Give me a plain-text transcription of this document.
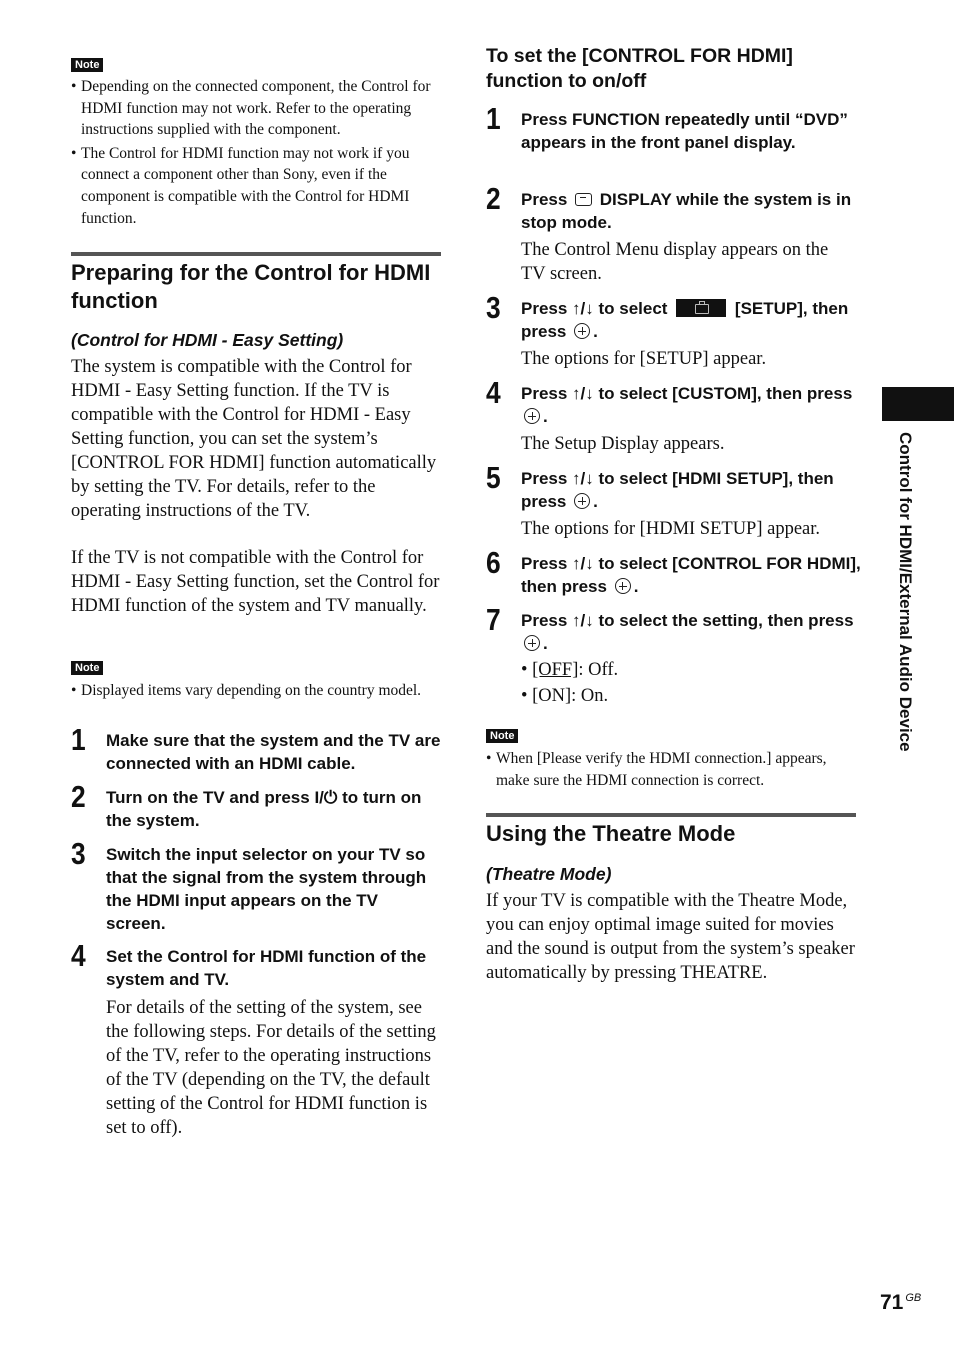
Note
• Depending on the connected component, the Control for HDMI function may not work. Refer to the operating instructions supplied with the component.
• The Control for HDMI function may not work if you connect a component other than Sony, even if the component is compatible with the Control for HDMI function.
Preparing for the Control for HDMI function

(Control for HDMI - Easy Setting)

The system is compatible with the Control for HDMI - Easy Setting function. If the TV is compatible with the Control for HDMI - Easy Setting function, you can set the system’s [CONTROL FOR HDMI] function automatically by setting the TV. For details, refer to the operating instructions of the TV.

If the TV is not compatible with the Control for HDMI - Easy Setting function, set the Control for HDMI function of the system and TV manually.

Note
• Displayed items vary depending on the country model.
1 Make sure that the system and the TV are connected with an HDMI cable.
2 Turn on the TV and press I/⏻ to turn on the system.
3 Switch the input selector on your TV so that the signal from the system through the HDMI input appears on the TV screen.
4 Set the Control for HDMI function of the system and TV.
For details of the setting of the system, see the following steps. For details of the setting of the TV, refer to the operating instructions of the TV (depending on the TV, the default setting of the Control for HDMI function is set to off).
To set the [CONTROL FOR HDMI] function to on/off
1 Press FUNCTION repeatedly until “DVD” appears in the front panel display.
2 Press  DISPLAY while the system is in stop mode.
The Control Menu display appears on the TV screen.
3 Press ↑/↓ to select	[SETUP], then press .
The options for [SETUP] appear.
4 Press ↑/↓ to select [CUSTOM], then press .
The Setup Display appears.
5 Press ↑/↓ to select [HDMI SETUP], then press .
The options for [HDMI SETUP] appear.
6 Press ↑/↓ to select [CONTROL FOR HDMI], then press .
7 Press ↑/↓ to select the setting, then press .
• [OFF]: Off.
• [ON]: On.
Note
• When [Please verify the HDMI connection.] appears, make sure the HDMI connection is correct.
Using the Theatre Mode

(Theatre Mode)

If your TV is compatible with the Theatre Mode, you can enjoy optimal image suited for movies and the sound is output from the system’s speaker automatically by pressing THEATRE.

Control for HDMI/External Audio Device
71 $^{GB}$
